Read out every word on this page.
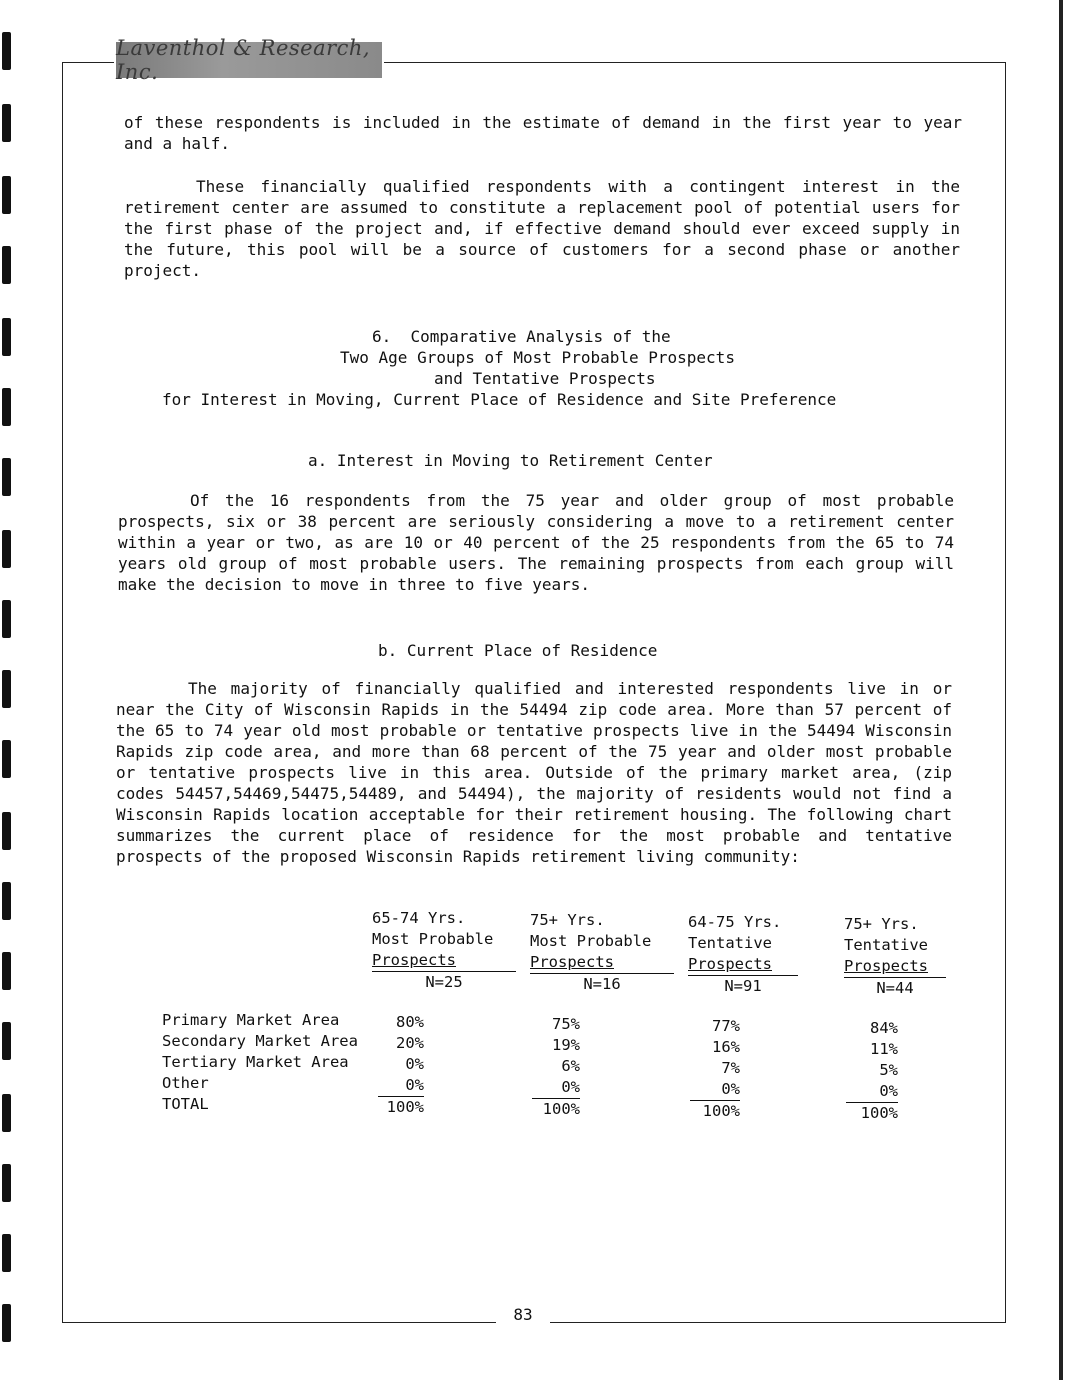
Laventhol & Research, Inc.

of these respondents is included in the estimate of demand in the first year to year and a half.

These financially qualified respondents with a contingent interest in the retirement center are assumed to constitute a replacement pool of potential users for the first phase of the project and, if effective demand should ever exceed supply in the future, this pool will be a source of customers for a second phase or another project.

6. Comparative Analysis of the
Two Age Groups of Most Probable Prospects
and Tentative Prospects
for Interest in Moving, Current Place of Residence and Site Preference
a. Interest in Moving to Retirement Center

Of the 16 respondents from the 75 year and older group of most probable prospects, six or 38 percent are seriously considering a move to a retirement center within a year or two, as are 10 or 40 percent of the 25 respondents from the 65 to 74 years old group of most probable users. The remaining prospects from each group will make the decision to move in three to five years.

b. Current Place of Residence

The majority of financially qualified and interested respondents live in or near the City of Wisconsin Rapids in the 54494 zip code area. More than 57 percent of the 65 to 74 year old most probable or tentative prospects live in the 54494 Wisconsin Rapids zip code area, and more than 68 percent of the 75 year and older most probable or tentative prospects live in this area. Outside of the primary market area, (zip codes 54457,54469,54475,54489, and 54494), the majority of residents would not find a Wisconsin Rapids location acceptable for their retirement housing. The following chart summarizes the current place of residence for the most probable and tentative prospects of the proposed Wisconsin Rapids retirement living community:

65-74 Yrs.
Most Probable
Prospects
N=25
75+ Yrs.
Most Probable
Prospects
N=16
64-75 Yrs.
Tentative
Prospects
N=91
75+ Yrs.
Tentative
Prospects
N=44
Primary Market Area
Secondary Market Area
Tertiary Market Area
Other
TOTAL
80%
20%
0%
0%
100%
75%
19%
6%
0%
100%
77%
16%
7%
0%
100%
84%
11%
5%
0%
100%
83
